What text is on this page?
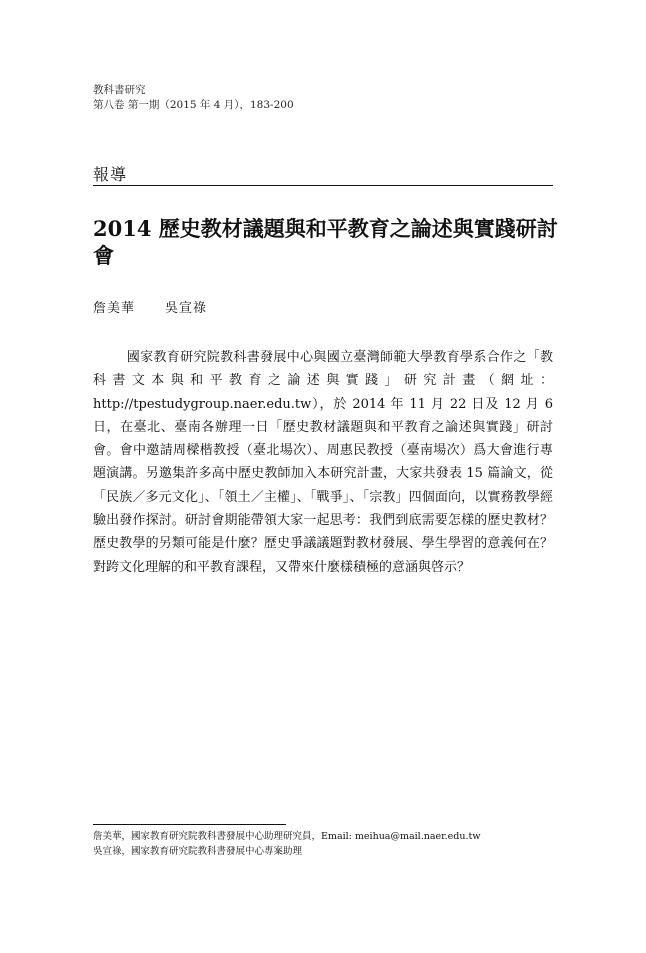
教科書研究
第八卷 第一期（2015 年 4 月），183-200
報導
2014 歷史教材議題與和平教育之論述與實踐研討會
詹美華 吳宣祿

國家教育研究院教科書發展中心與國立臺灣師範大學教育學系合作之「教科書文本與和平教育之論述與實踐」研究計畫（網址：http://tpestudygroup.naer.edu.tw），於 2014 年 11 月 22 日及 12 月 6 日，在臺北、臺南各辦理一日「歷史教材議題與和平教育之論述與實踐」研討會。會中邀請周樑楷教授（臺北場次）、周惠民教授（臺南場次）爲大會進行專題演講。另邀集許多高中歷史教師加入本研究計畫，大家共發表 15 篇論文，從「民族／多元文化」、「領土／主權」、「戰爭」、「宗教」四個面向，以實務教學經驗出發作探討。研討會期能帶領大家一起思考：我們到底需要怎樣的歷史教材？歷史教學的另類可能是什麼？歷史爭議議題對教材發展、學生學習的意義何在？對跨文化理解的和平教育課程，又帶來什麼樣積極的意涵與啓示？

詹美華，國家教育研究院教科書發展中心助理研究員，Email: meihua@mail.naer.edu.tw
吳宣祿，國家教育研究院教科書發展中心專案助理
